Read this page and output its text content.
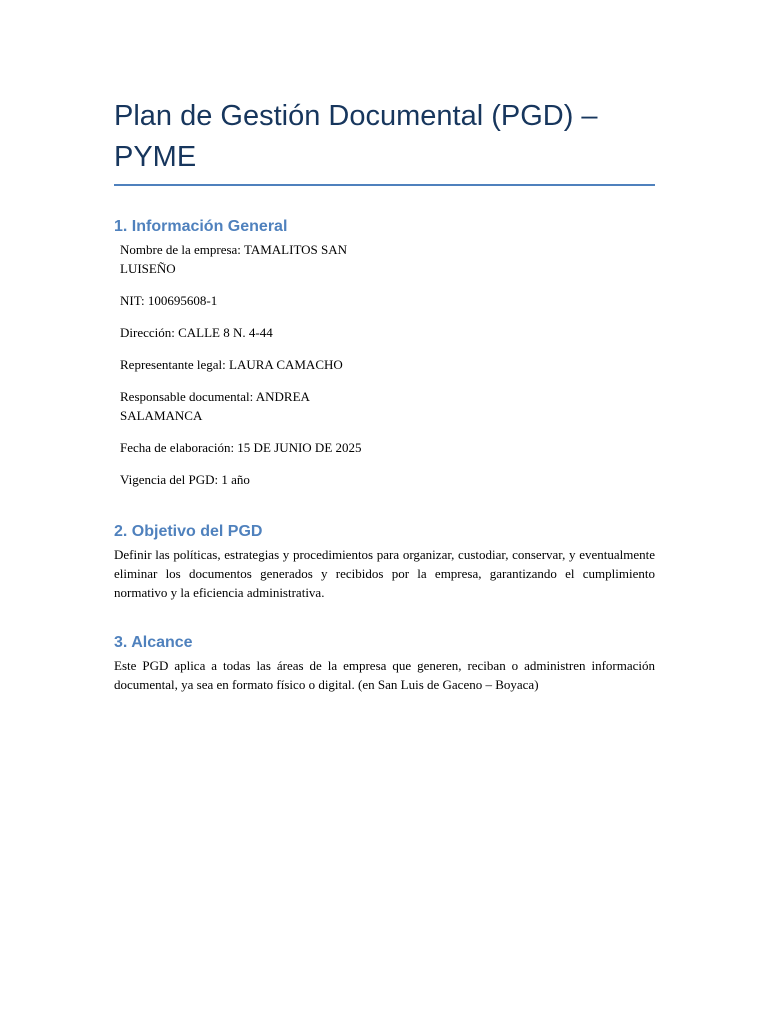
Plan de Gestión Documental (PGD) – PYME
1. Información General

Nombre de la empresa: TAMALITOS SAN LUISEÑO

NIT: 100695608-1

Dirección: CALLE 8 N. 4-44

Representante legal: LAURA CAMACHO

Responsable documental: ANDREA SALAMANCA

Fecha de elaboración: 15 DE JUNIO DE 2025

Vigencia del PGD: 1 año

2. Objetivo del PGD

Definir las políticas, estrategias y procedimientos para organizar, custodiar, conservar, y eventualmente eliminar los documentos generados y recibidos por la empresa, garantizando el cumplimiento normativo y la eficiencia administrativa.

3. Alcance

Este PGD aplica a todas las áreas de la empresa que generen, reciban o administren información documental, ya sea en formato físico o digital. (en San Luis de Gaceno – Boyaca)
